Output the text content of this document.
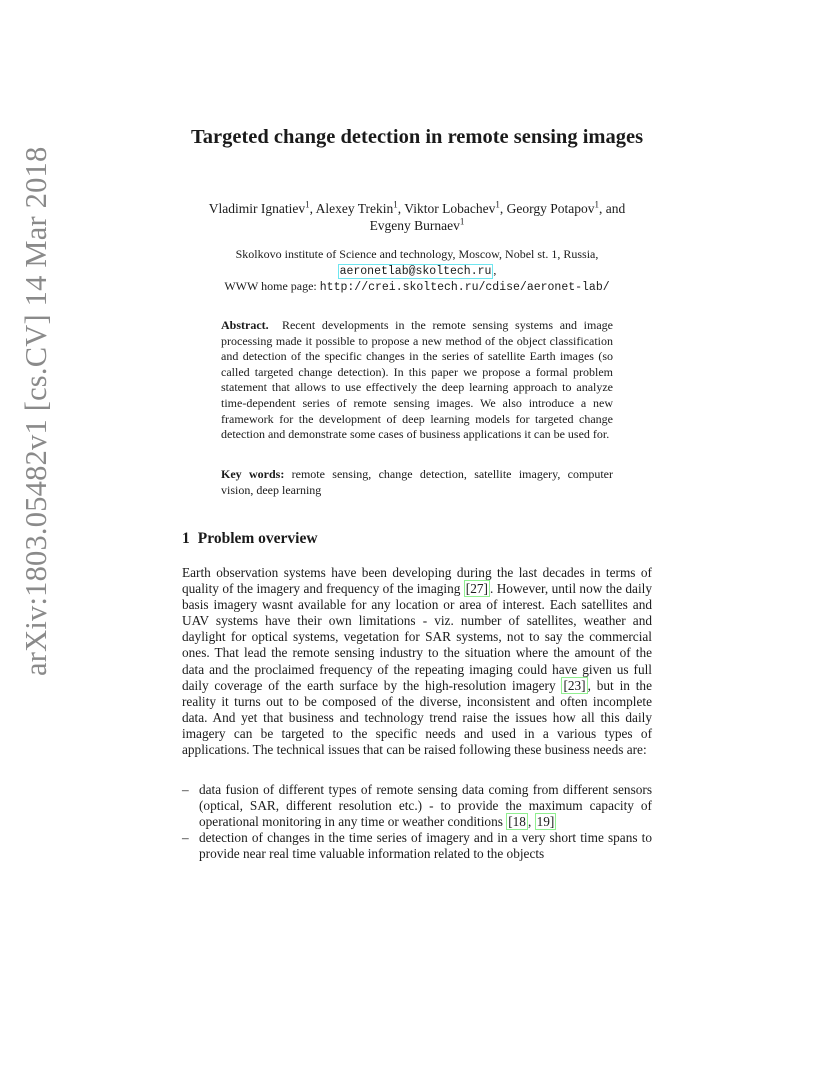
arXiv:1803.05482v1 [cs.CV] 14 Mar 2018
Targeted change detection in remote sensing images
Vladimir Ignatiev$^1$, Alexey Trekin$^1$, Viktor Lobachev$^1$, Georgy Potapov$^1$, and
Evgeny Burnaev$^1$
Skolkovo institute of Science and technology, Moscow, Nobel st. 1, Russia,
aeronetlab@skoltech.ru ,
WWW home page: http://crei.skoltech.ru/cdise/aeronet-lab/

Abstract. Recent developments in the remote sensing systems and image processing made it possible to propose a new method of the object classification and detection of the specific changes in the series of satellite Earth images (so called targeted change detection). In this paper we propose a formal problem statement that allows to use effectively the deep learning approach to analyze time-dependent series of remote sensing images. We also introduce a new framework for the development of deep learning models for targeted change detection and demonstrate some cases of business applications it can be used for.

Key words: remote sensing, change detection, satellite imagery, computer vision, deep learning

1 Problem overview

Earth observation systems have been developing during the last decades in terms of quality of the imagery and frequency of the imaging [27] . However, until now the daily basis imagery wasnt available for any location or area of interest. Each satellites and UAV systems have their own limitations - viz. number of satellites, weather and daylight for optical systems, vegetation for SAR systems, not to say the commercial ones. That lead the remote sensing industry to the situation where the amount of the data and the proclaimed frequency of the repeating imaging could have given us full daily coverage of the earth surface by the high-resolution imagery [23] , but in the reality it turns out to be composed of the diverse, inconsistent and often incomplete data. And yet that business and technology trend raise the issues how all this daily imagery can be targeted to the specific needs and used in a various types of applications. The technical issues that can be raised following these business needs are:

– data fusion of different types of remote sensing data coming from different sensors (optical, SAR, different resolution etc.) - to provide the maximum capacity of operational monitoring in any time or weather conditions [18 , 19]
– detection of changes in the time series of imagery and in a very short time spans to provide near real time valuable information related to the objects
